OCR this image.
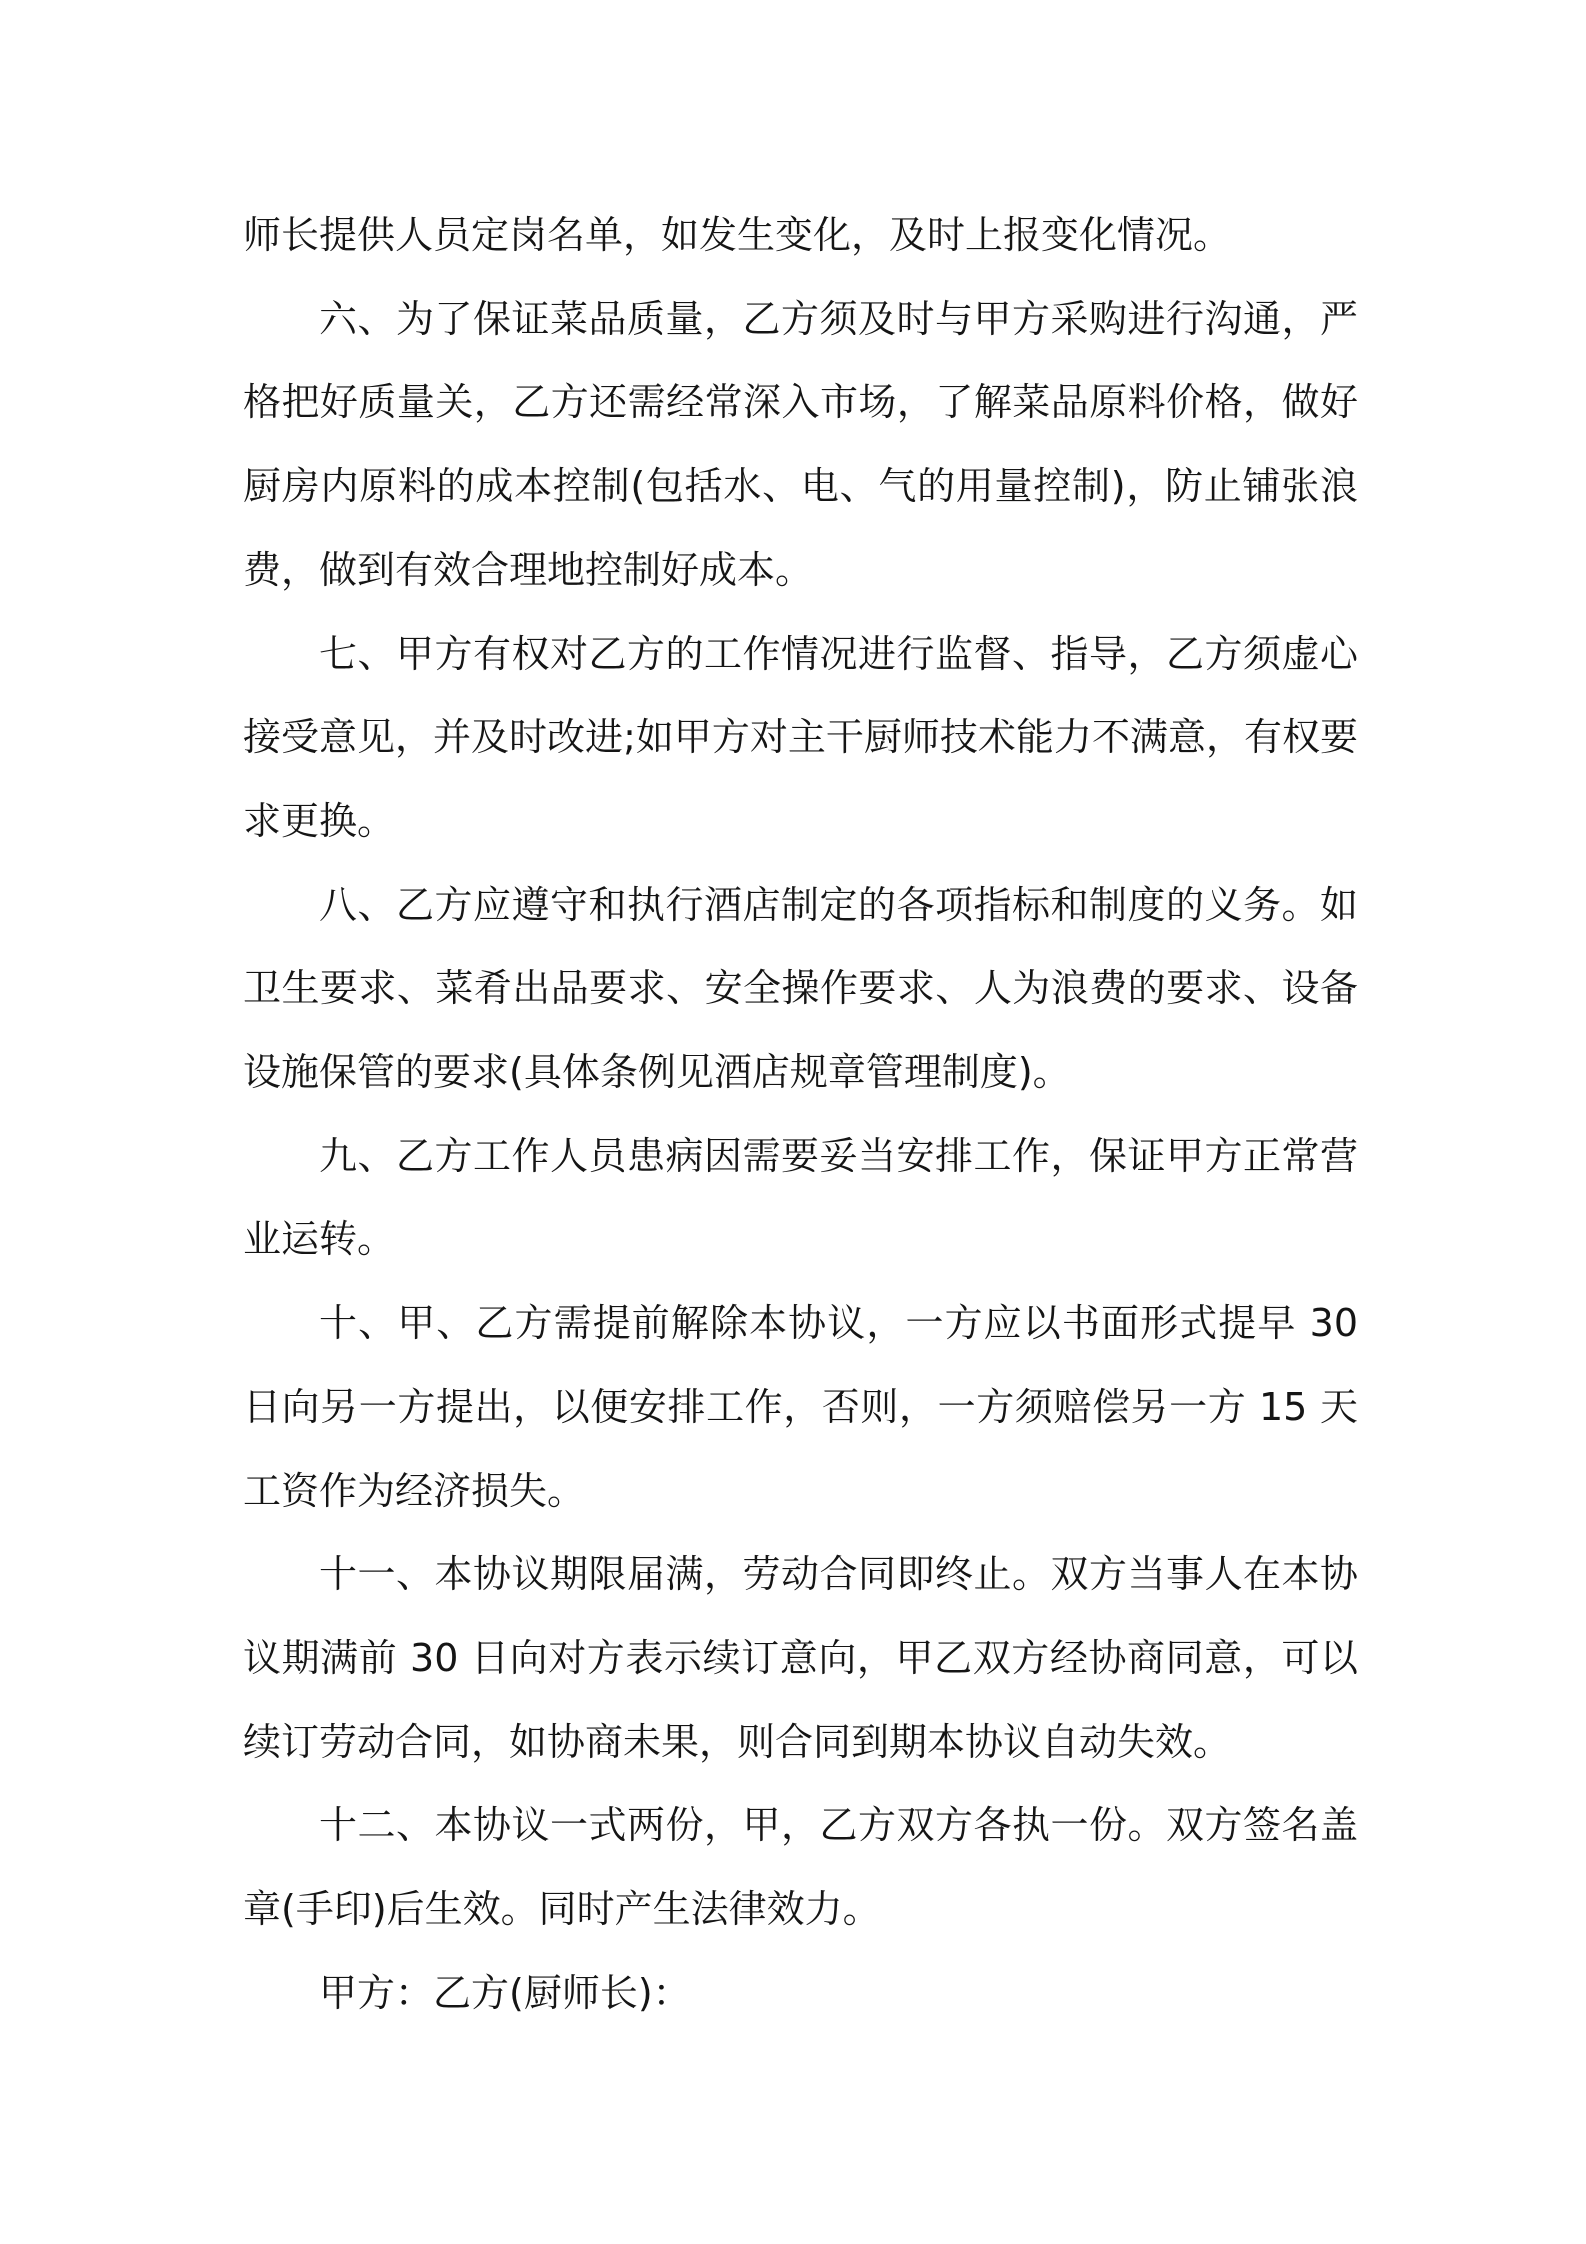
师长提供人员定岗名单，如发生变化，及时上报变化情况。

六、为了保证菜品质量，乙方须及时与甲方采购进行沟通，严格把好质量关，乙方还需经常深入市场，了解菜品原料价格，做好厨房内原料的成本控制(包括水、电、气的用量控制)，防止铺张浪费，做到有效合理地控制好成本。

七、甲方有权对乙方的工作情况进行监督、指导，乙方须虚心接受意见，并及时改进;如甲方对主干厨师技术能力不满意，有权要求更换。

八、乙方应遵守和执行酒店制定的各项指标和制度的义务。如卫生要求、菜肴出品要求、安全操作要求、人为浪费的要求、设备设施保管的要求(具体条例见酒店规章管理制度)。

九、乙方工作人员患病因需要妥当安排工作，保证甲方正常营业运转。

十、甲、乙方需提前解除本协议，一方应以书面形式提早 30 日向另一方提出，以便安排工作，否则，一方须赔偿另一方 15 天工资作为经济损失。

十一、本协议期限届满，劳动合同即终止。双方当事人在本协议期满前 30 日向对方表示续订意向，甲乙双方经协商同意，可以续订劳动合同，如协商未果，则合同到期本协议自动失效。

十二、本协议一式两份，甲，乙方双方各执一份。双方签名盖章(手印)后生效。同时产生法律效力。

甲方：乙方(厨师长)：
